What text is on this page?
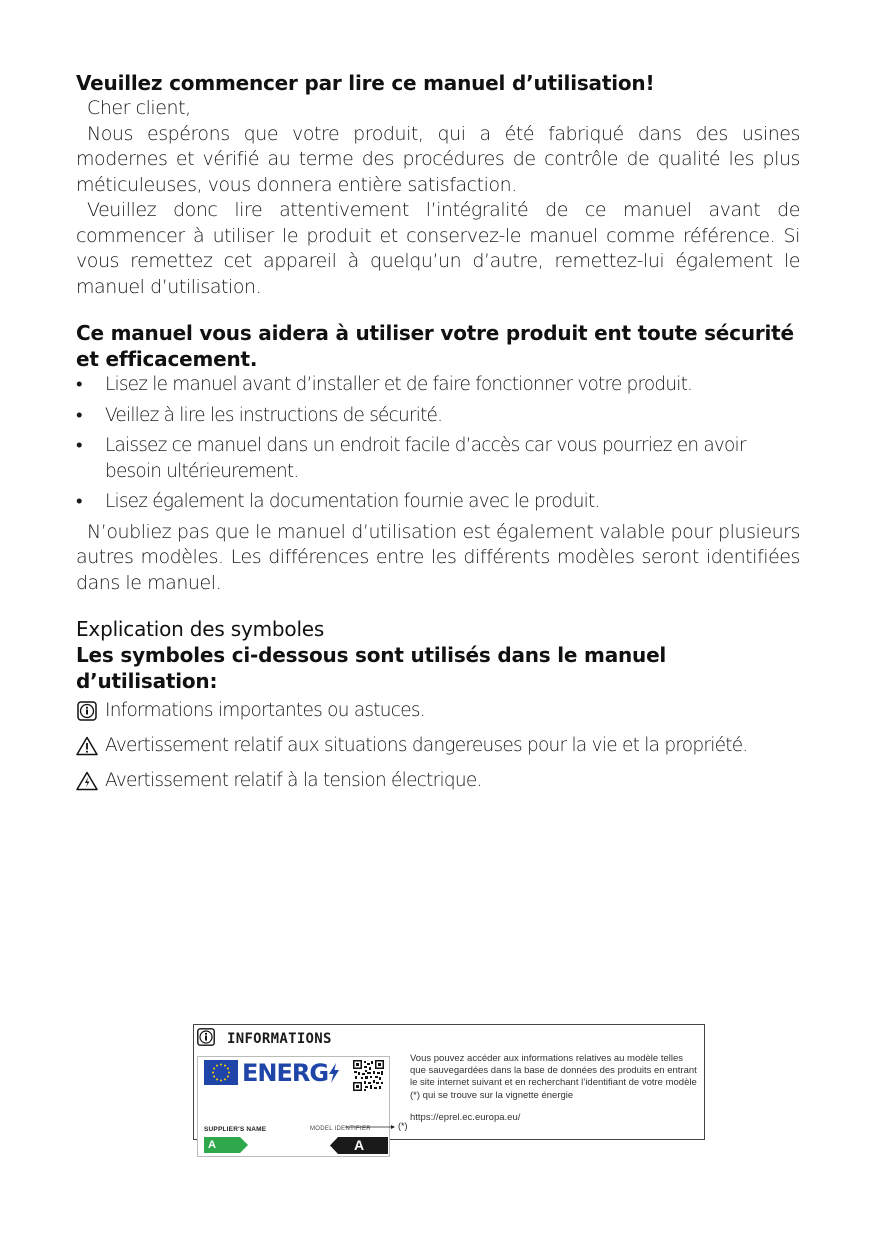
Veuillez commencer par lire ce manuel d’utilisation!

Cher client,

Nous espérons que votre produit, qui a été fabriqué dans des usines modernes et vérifié au terme des procédures de contrôle de qualité les plus méticuleuses, vous donnera entière satisfaction.

Veuillez donc lire attentivement l’intégralité de ce manuel avant de commencer à utiliser le produit et conservez-le manuel comme référence. Si vous remettez cet appareil à quelqu’un d’autre, remettez-lui également le manuel d’utilisation.

Ce manuel vous aidera à utiliser votre produit ent toute sécurité et efficacement.
• Lisez le manuel avant d’installer et de faire fonctionner votre produit.
• Veillez à lire les instructions de sécurité.
• Laissez ce manuel dans un endroit facile d’accès car vous pourriez en avoir besoin ultérieurement.
• Lisez également la documentation fournie avec le produit.

N’oubliez pas que le manuel d’utilisation est également valable pour plusieurs autres modèles. Les différences entre les différents modèles seront identifiées dans le manuel.

Explication des symboles
Les symboles ci-dessous sont utilisés dans le manuel d’utilisation:
Informations importantes ou astuces.
Avertissement relatif aux situations dangereuses pour la vie et la propriété.
Avertissement relatif à la tension électrique.
INFORMATIONS
ENERG
SUPPLIER'S NAME	MODEL IDENTIFIER
A	A
(*)

Vous pouvez accéder aux informations relatives au modèle telles que sauvegardées dans la base de données des produits en entrant le site internet suivant et en recherchant l’identifiant de votre modèle (*) qui se trouve sur la vignette énergie

https://eprel.ec.europa.eu/
